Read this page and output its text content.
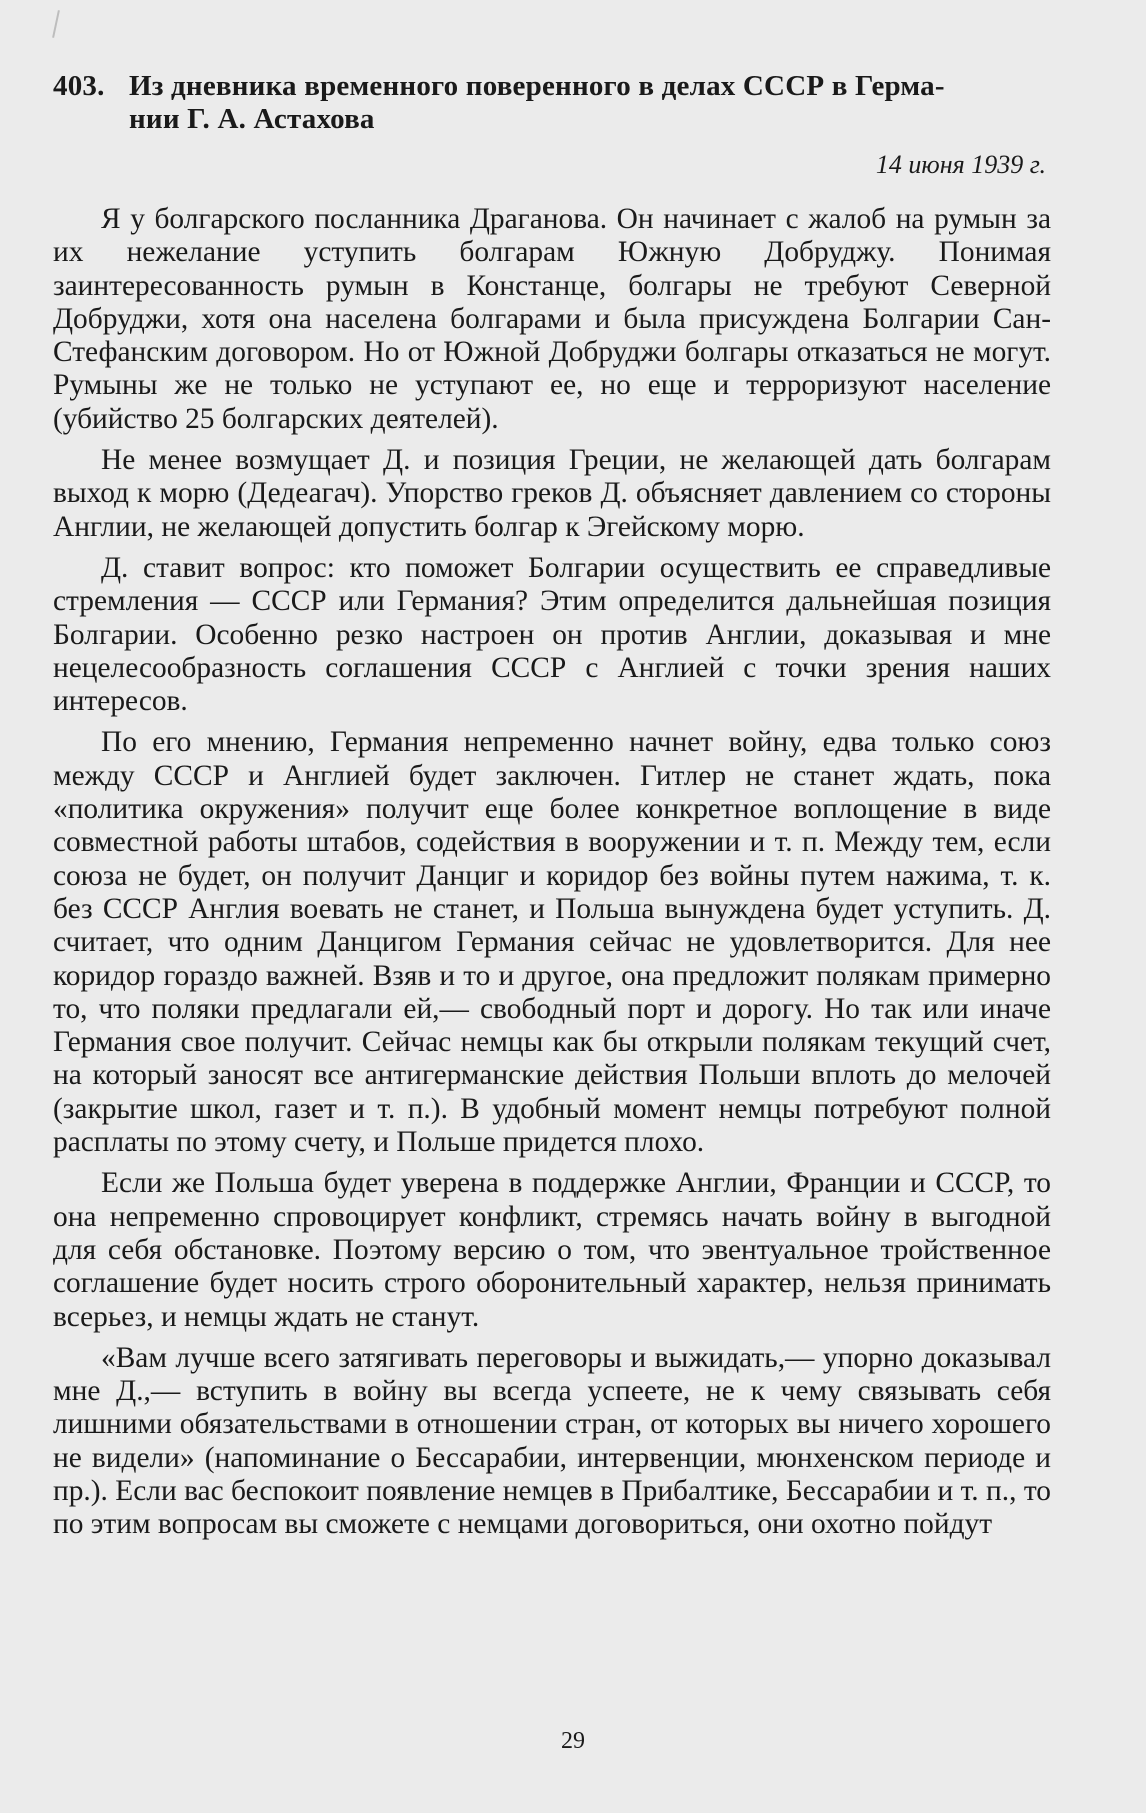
403. Из дневника временного поверенного в делах СССР в Герма-
нии Г. А. Астахова
14 июня 1939 г.

Я у болгарского посланника Драганова. Он начинает с жалоб на румын за их нежелание уступить болгарам Южную Добруджу. Понимая заинтересованность румын в Констанце, болгары не требуют Северной Добруджи, хотя она населена болгарами и была присуждена Болгарии Сан-Стефанским договором. Но от Южной Добруджи болгары отказаться не могут. Румыны же не только не уступают ее, но еще и терроризуют население (убийство 25 болгарских деятелей).

Не менее возмущает Д. и позиция Греции, не желающей дать болгарам выход к морю (Дедеагач). Упорство греков Д. объясняет давлением со стороны Англии, не желающей допустить болгар к Эгейскому морю.

Д. ставит вопрос: кто поможет Болгарии осуществить ее справедливые стремления — СССР или Германия? Этим определится дальнейшая позиция Болгарии. Особенно резко настроен он против Англии, доказывая и мне нецелесообразность соглашения СССР с Англией с точки зрения наших интересов.

По его мнению, Германия непременно начнет войну, едва только союз между СССР и Англией будет заключен. Гитлер не станет ждать, пока «политика окружения» получит еще более конкретное воплощение в виде совместной работы штабов, содействия в вооружении и т. п. Между тем, если союза не будет, он получит Данциг и коридор без войны путем нажима, т. к. без СССР Англия воевать не станет, и Польша вынуждена будет уступить. Д. считает, что одним Данцигом Германия сейчас не удовлетворится. Для нее коридор гораздо важней. Взяв и то и другое, она предложит полякам примерно то, что поляки предлагали ей,— свободный порт и дорогу. Но так или иначе Германия свое получит. Сейчас немцы как бы открыли полякам текущий счет, на который заносят все антигерманские действия Польши вплоть до мелочей (закрытие школ, газет и т. п.). В удобный момент немцы потребуют полной расплаты по этому счету, и Польше придется плохо.

Если же Польша будет уверена в поддержке Англии, Франции и СССР, то она непременно спровоцирует конфликт, стремясь начать войну в выгодной для себя обстановке. Поэтому версию о том, что эвентуальное тройственное соглашение будет носить строго оборонительный характер, нельзя принимать всерьез, и немцы ждать не станут.

«Вам лучше всего затягивать переговоры и выжидать,— упорно доказывал мне Д.,— вступить в войну вы всегда успеете, не к чему связывать себя лишними обязательствами в отношении стран, от которых вы ничего хорошего не видели» (напоминание о Бессарабии, интервенции, мюнхенском периоде и пр.). Если вас беспокоит появление немцев в Прибалтике, Бессарабии и т. п., то по этим вопросам вы сможете с немцами договориться, они охотно пойдут

29
